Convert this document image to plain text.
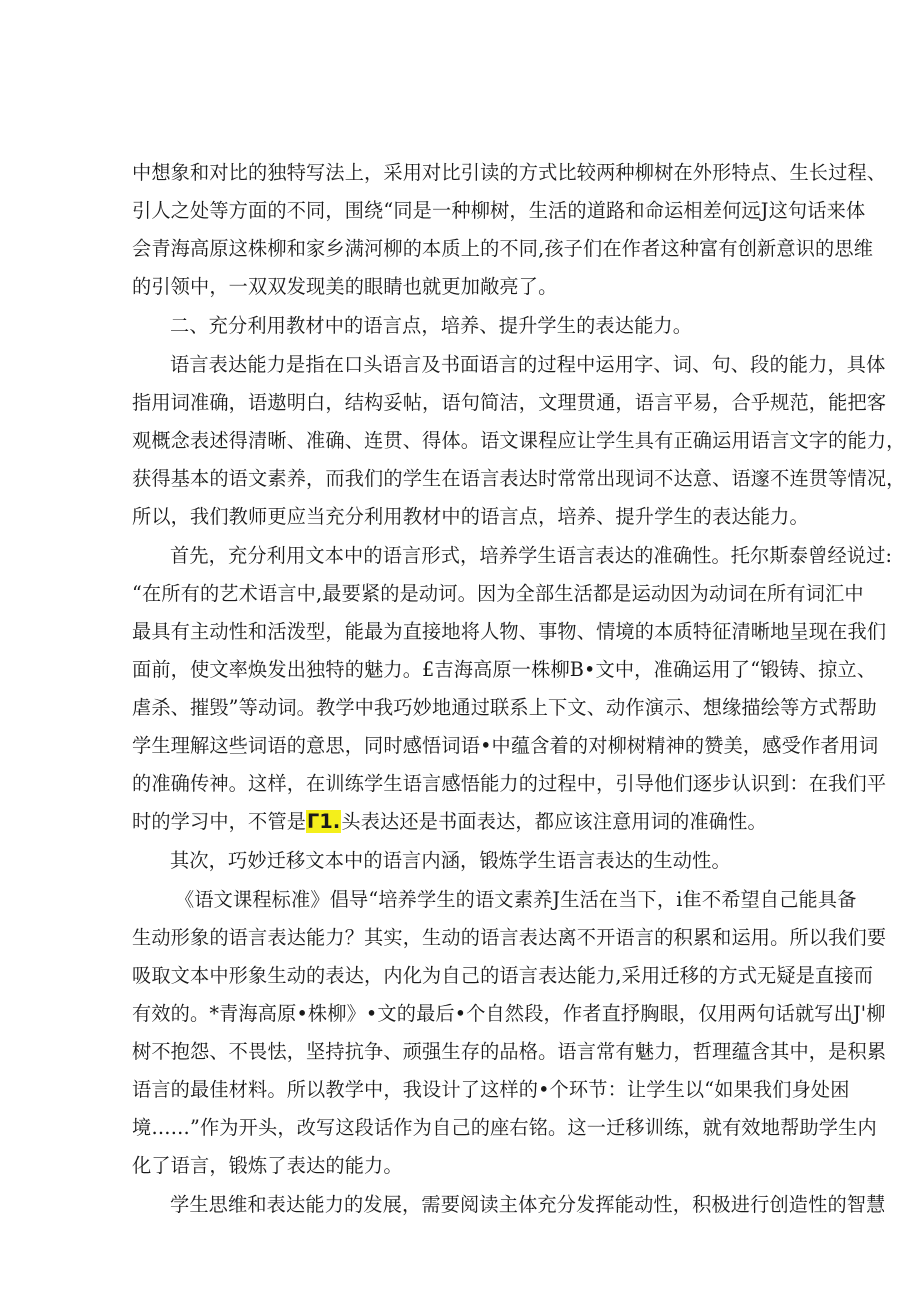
中想象和对比的独特写法上，采用对比引读的方式比较两种柳树在外形特点、生长过程、
引人之处等方面的不同，围绕“同是一种柳树，生活的道路和命运相差何远J这句话来体
会青海高原这株柳和家乡满河柳的本质上的不同,孩子们在作者这种富有创新意识的思维
的引领中，一双双发现美的眼睛也就更加敞亮了。
二、充分利用教材中的语言点，培养、提升学生的表达能力。
语言表达能力是指在口头语言及书面语言的过程中运用字、词、句、段的能力，具体
指用词准确，语遨明白，结构妥帖，语句简洁，文理贯通，语言平易，合乎规范，能把客
观概念表述得清晰、准确、连贯、得体。语文课程应让学生具有正确运用语言文字的能力，
获得基本的语文素养，而我们的学生在语言表达时常常出现词不达意、语邃不连贯等情况，
所以，我们教师更应当充分利用教材中的语言点，培养、提升学生的表达能力。
首先，充分利用文本中的语言形式，培养学生语言表达的准确性。托尔斯泰曾经说过:
“在所有的艺术语言中,最要紧的是动诃。因为全部生活都是运动因为动词在所有词汇中
最具有主动性和活泼型，能最为直接地将人物、事物、情境的本质特征清晰地呈现在我们
面前，使文率焕发出独特的魅力。£吉海高原一株柳B•文中，准确运用了“锻铸、掠立、
虐杀、摧毁”等动词。教学中我巧妙地通过联系上下文、动作演示、想缘描绘等方式帮助
学生理解这些词语的意思，同时感悟词语•中蕴含着的对柳树精神的赞美，感受作者用词
的准确传神。这样，在训练学生语言感悟能力的过程中，引导他们逐步认识到：在我们平
时的学习中，不管是Γ1.头表达还是书面表达，都应该注意用词的准确性。
其次，巧妙迁移文本中的语言内涵，锻炼学生语言表达的生动性。
《语文课程标准》倡导“培养学生的语文素养J生活在当下，i隹不希望自己能具备
生动形象的语言表达能力？其实，生动的语言表达离不开语言的积累和运用。所以我们要
吸取文本中形象生动的表达，内化为自己的语言表达能力,采用迁移的方式无疑是直接而
有效的。*青海高原•株柳》•文的最后•个自然段，作者直抒胸眼，仅用两句话就写出J'柳
树不抱怨、不畏怯，坚持抗争、顽强生存的品格。语言常有魅力，哲理蕴含其中，是积累
语言的最佳材料。所以教学中，我设计了这样的•个环节：让学生以“如果我们身处困
境……”作为开头，改写这段话作为自己的座右铭。这一迁移训练，就有效地帮助学生内
化了语言，锻炼了表达的能力。
学生思维和表达能力的发展，需要阅读主体充分发挥能动性，积极进行创造性的智慧
